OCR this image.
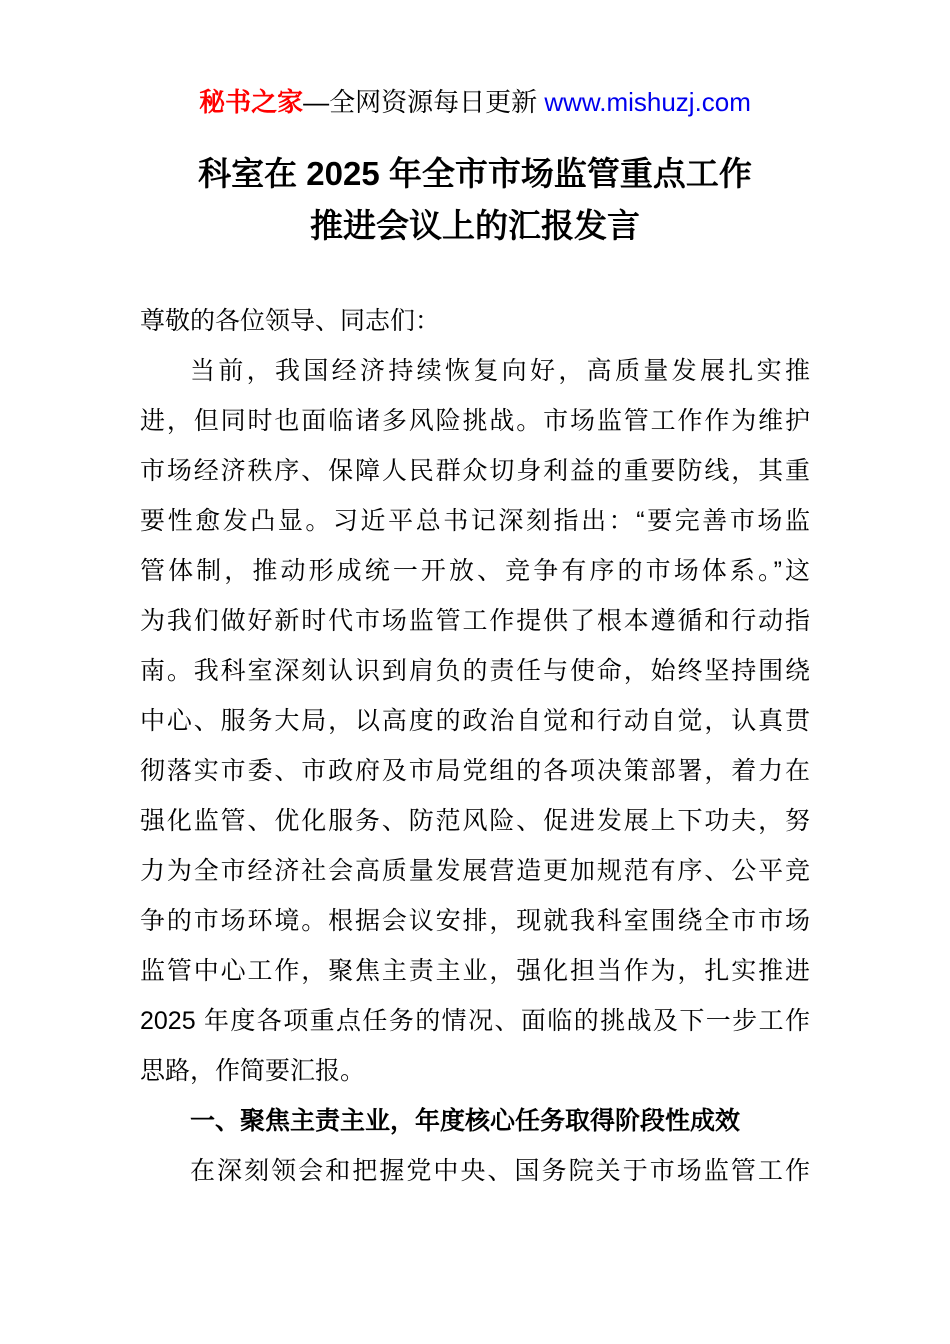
秘书之家—全网资源每日更新 www.mishuzj.com
科室在 2025 年全市市场监管重点工作
推进会议上的汇报发言
尊敬的各位领导、同志们：
当前，我国经济持续恢复向好，高质量发展扎实推
进，但同时也面临诸多风险挑战。市场监管工作作为维护
市场经济秩序、保障人民群众切身利益的重要防线，其重
要性愈发凸显。习近平总书记深刻指出：“要完善市场监
管体制，推动形成统一开放、竞争有序的市场体系。”这
为我们做好新时代市场监管工作提供了根本遵循和行动指
南。我科室深刻认识到肩负的责任与使命，始终坚持围绕
中心、服务大局，以高度的政治自觉和行动自觉，认真贯
彻落实市委、市政府及市局党组的各项决策部署，着力在
强化监管、优化服务、防范风险、促进发展上下功夫，努
力为全市经济社会高质量发展营造更加规范有序、公平竞
争的市场环境。根据会议安排，现就我科室围绕全市市场
监管中心工作，聚焦主责主业，强化担当作为，扎实推进
2025 年度各项重点任务的情况、面临的挑战及下一步工作
思路，作简要汇报。
一、聚焦主责主业，年度核心任务取得阶段性成效
在深刻领会和把握党中央、国务院关于市场监管工作
